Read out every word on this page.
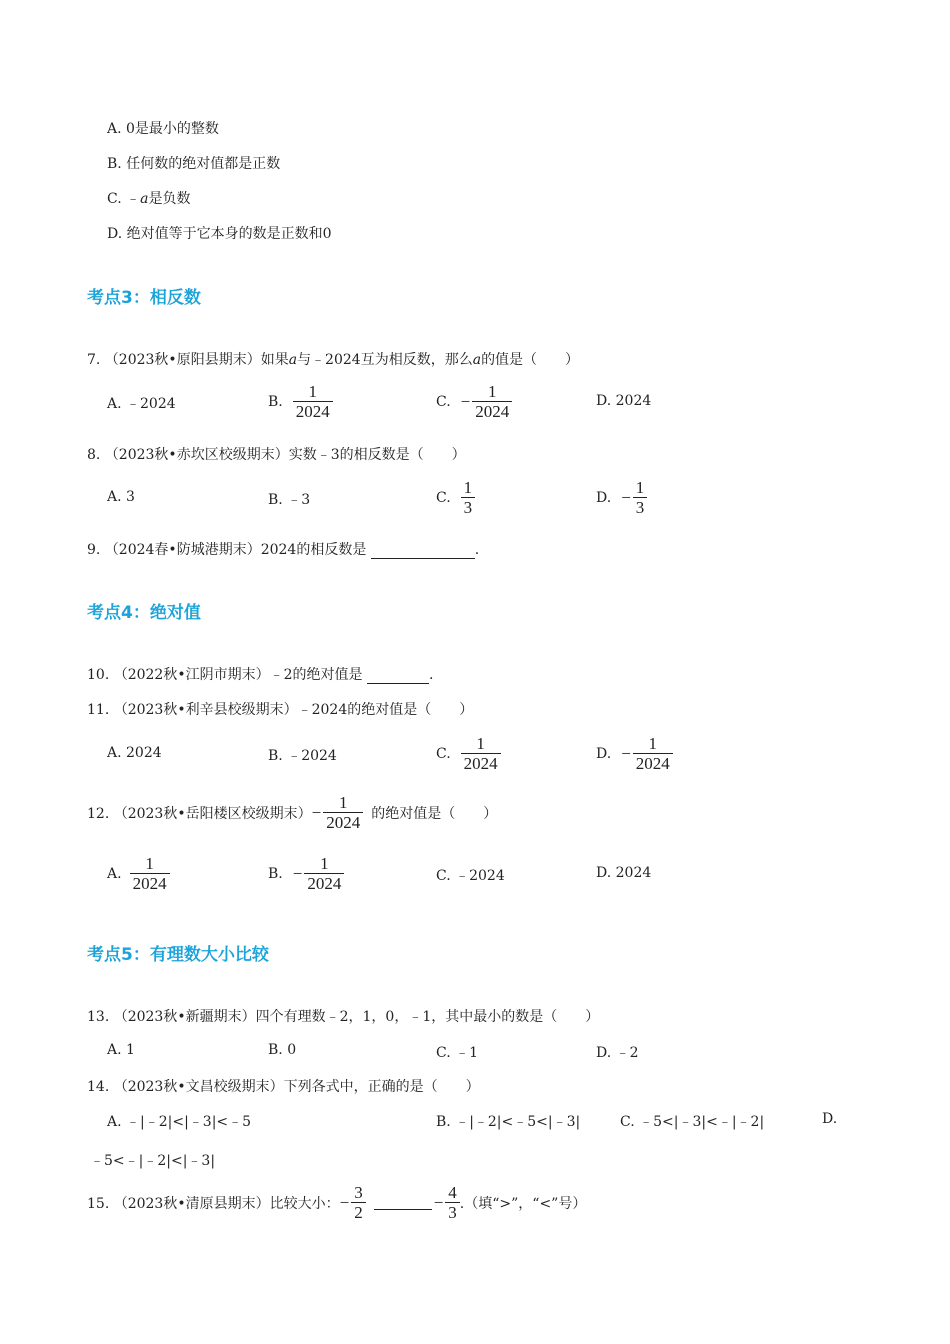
A. 0是最小的整数
B. 任何数的绝对值都是正数
C. ﹣a是负数
D. 绝对值等于它本身的数是正数和0
考点3：相反数
7. （2023秋•原阳县期末）如果a与﹣2024互为相反数，那么a的值是（　　）
A. ﹣2024	B. $\frac{1}{2024}$	C. − $\frac{1}{2024}$	D. 2024
8. （2023秋•赤坎区校级期末）实数﹣3的相反数是（　　）
A. 3	B. ﹣3	C. $\frac{1}{3}$	D. − $\frac{1}{3}$
9. （2024春•防城港期末）2024的相反数是	.
考点4：绝对值
10. （2022秋•江阴市期末）﹣2的绝对值是	.
11. （2023秋•利辛县校级期末）﹣2024的绝对值是（　　）
A. 2024	B. ﹣2024	C. $\frac{1}{2024}$	D. − $\frac{1}{2024}$
12. （2023秋•岳阳楼区校级期末） − $\frac{1}{2024}$ 的绝对值是（　　）
A. $\frac{1}{2024}$	B. − $\frac{1}{2024}$	C. ﹣2024	D. 2024
考点5：有理数大小比较
13. （2023秋•新疆期末）四个有理数﹣2，1，0，﹣1，其中最小的数是（　　）
A. 1	B. 0	C. ﹣1	D. ﹣2
14. （2023秋•文昌校级期末）下列各式中，正确的是（　　）
A. ﹣|﹣2|<|﹣3|<﹣5	B. ﹣|﹣2|<﹣5<|﹣3|	C. ﹣5<|﹣3|<﹣|﹣2|	D.
﹣5<﹣|﹣2|<|﹣3|
15. （2023秋•清原县期末）比较大小： − $\frac{3}{2}$	− $\frac{4}{3}$ .（填“>”，“<”号）
